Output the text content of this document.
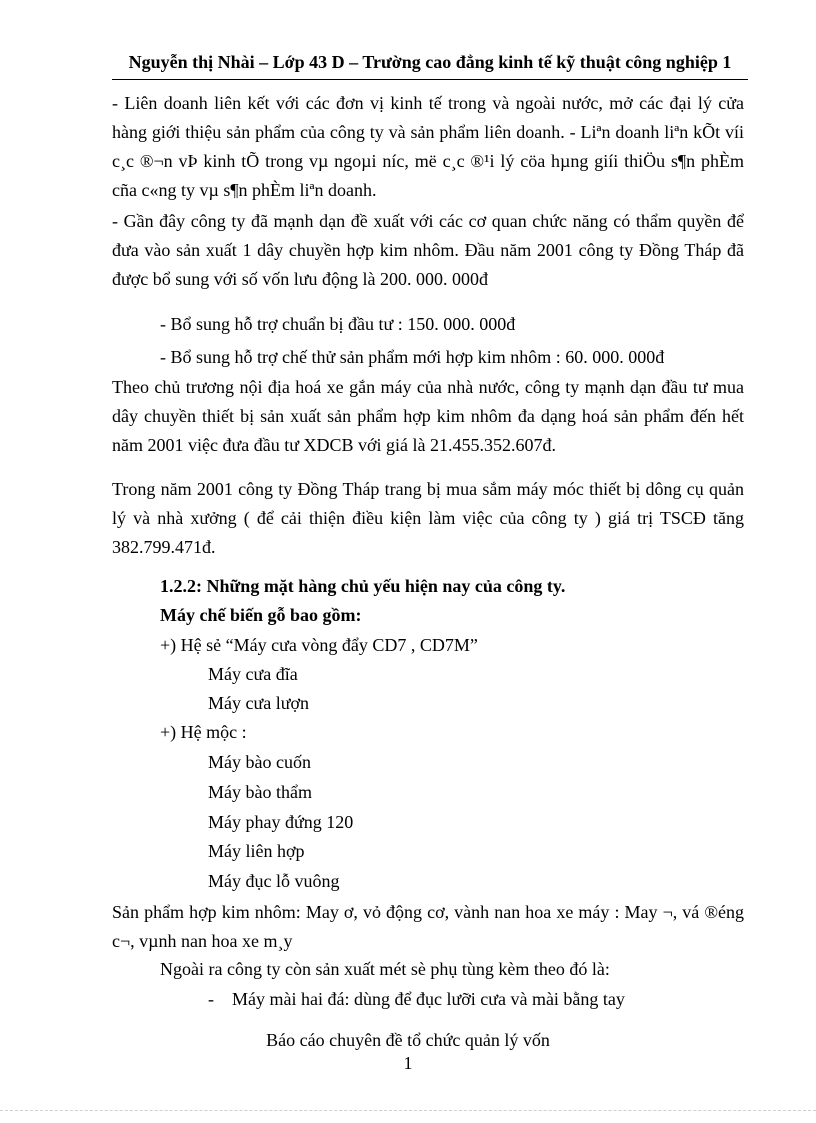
Nguyễn thị Nhài – Lớp 43 D – Trường cao đẳng kinh tế kỹ thuật công nghiệp 1
- Liên doanh liên kết với các đơn vị kinh tế trong và ngoài nước, mở các đại lý cửa hàng giới thiệu sản phẩm của công ty và sản phẩm liên doanh. - Liªn doanh liªn kÕt víi c¸c ®¬n vÞ kinh tÕ trong vµ ngoµi níc, më c¸c ®¹i lý cöa hµng giíi thiÖu s¶n phÈm cña c«ng ty vµ s¶n phÈm liªn doanh.
- Gần đây công ty đã mạnh dạn đề xuất với các cơ quan chức năng có thẩm quyền để đưa vào sản xuất 1 dây chuyền hợp kim nhôm. Đầu năm 2001 công ty Đồng Tháp đã được bổ sung với số vốn lưu động là 200. 000. 000đ
- Bổ sung hỗ trợ chuẩn bị đầu tư : 150. 000. 000đ
- Bổ sung hỗ trợ chế thử sản phẩm mới hợp kim nhôm : 60. 000. 000đ
Theo chủ trương nội địa hoá xe gắn máy của nhà nước, công ty mạnh dạn đầu tư mua dây chuyền thiết bị sản xuất sản phẩm hợp kim nhôm đa dạng hoá sản phẩm đến hết năm 2001 việc đưa đầu tư XDCB với giá là 21.455.352.607đ.
Trong năm 2001 công ty Đồng Tháp trang bị mua sắm máy móc thiết bị dông cụ quản lý và nhà xưởng ( để cải thiện điều kiện làm việc của công ty ) giá trị TSCĐ tăng 382.799.471đ.
1.2.2: Những mặt hàng chủ yếu hiện nay của công ty.
Máy chế biến gỗ bao gồm:
+) Hệ sẻ “Máy cưa vòng đẩy CD7 , CD7M”
Máy cưa đĩa
Máy cưa lượn
+) Hệ mộc :
Máy bào cuốn
Máy bào thẩm
Máy phay đứng 120
Máy liên hợp
Máy đục lỗ vuông
Sản phẩm hợp kim nhôm: May ơ, vỏ động cơ, vành nan hoa xe máy : May ¬, vá ®éng c¬, vµnh nan hoa xe m¸y
Ngoài ra công ty còn sản xuất mét sè phụ tùng kèm theo đó là:
- Máy mài hai đá: dùng để đục lưỡi cưa và mài bằng tay
Báo cáo chuyên đề tổ chức quản lý vốn
1
